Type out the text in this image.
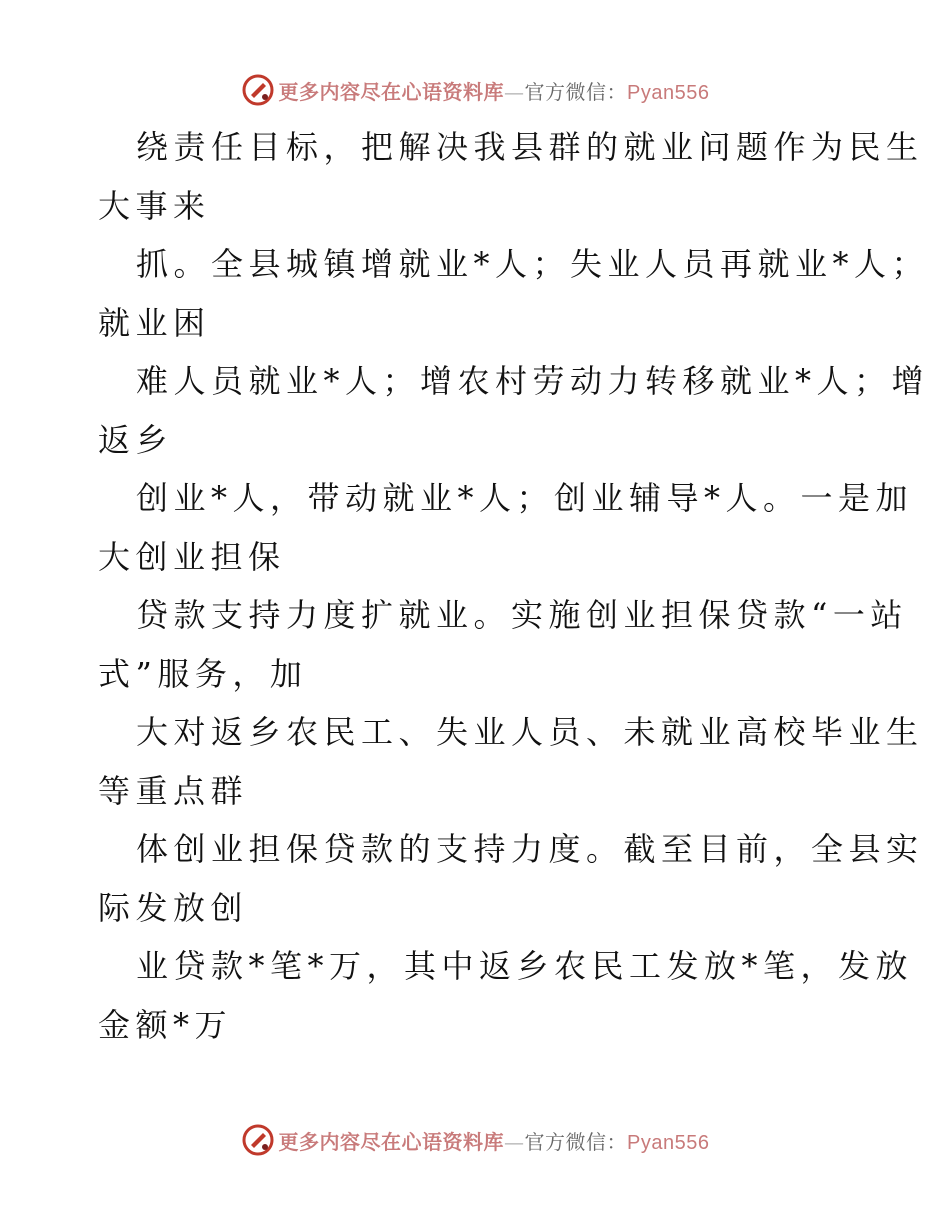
更多内容尽在心语资料库—官方微信：Pyan556
绕责任目标，把解决我县群的就业问题作为民生
大事来
抓。全县城镇增就业*人；失业人员再就业*人；
就业困
难人员就业*人；增农村劳动力转移就业*人；增
返乡
创业*人，带动就业*人；创业辅导*人。一是加
大创业担保
贷款支持力度扩就业。实施创业担保贷款“一站
式”服务，加
大对返乡农民工、失业人员、未就业高校毕业生
等重点群
体创业担保贷款的支持力度。截至目前，全县实
际发放创
业贷款*笔*万，其中返乡农民工发放*笔，发放
金额*万
更多内容尽在心语资料库—官方微信：Pyan556
